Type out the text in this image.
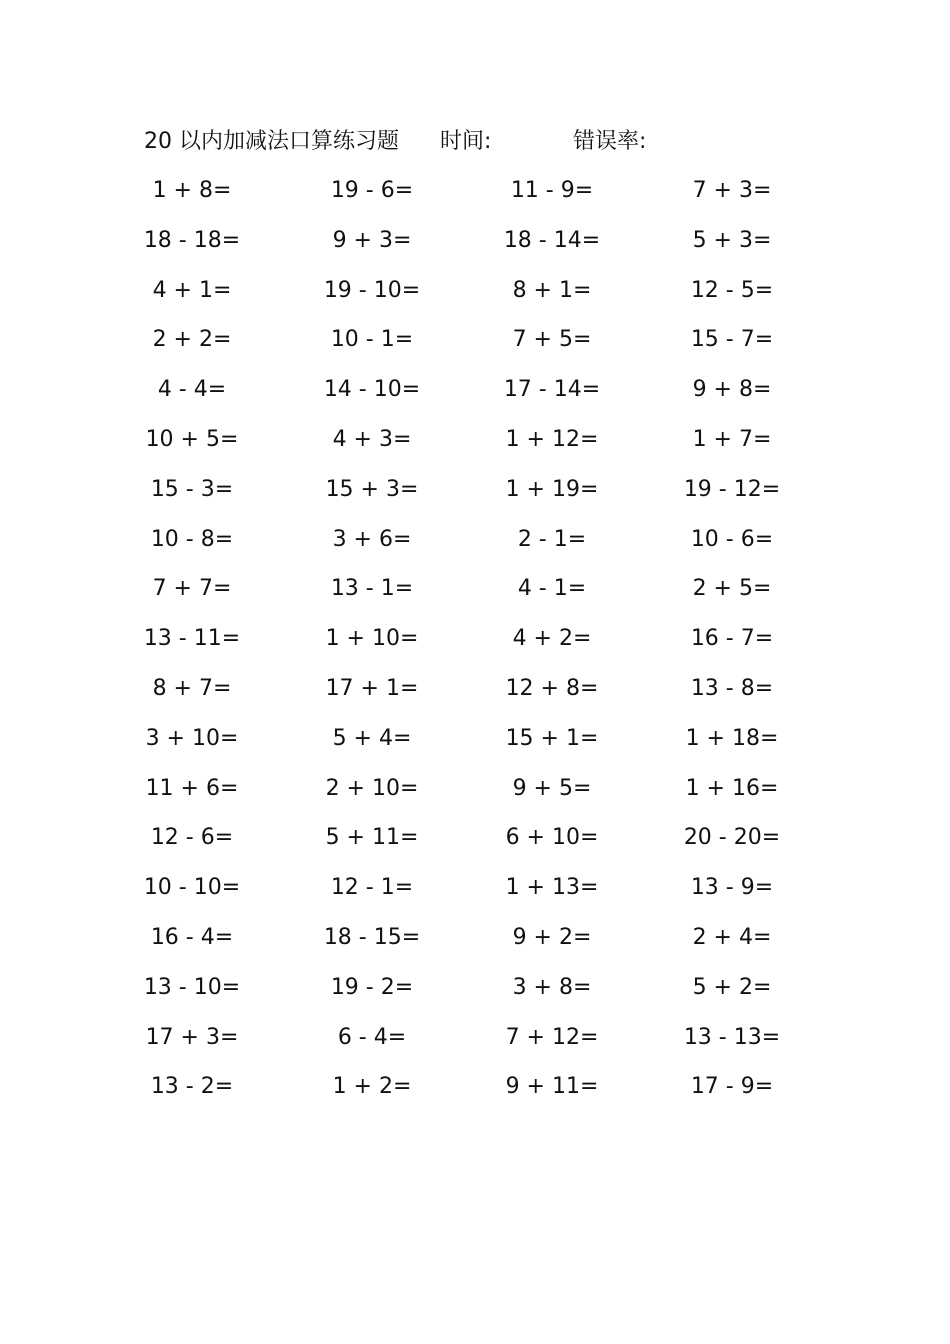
20 以内加减法口算练习题 时间:	错误率:
1 + 8=	19 - 6=	11 - 9=	7 + 3=
18 - 18=	9 + 3=	18 - 14=	5 + 3=
4 + 1=	19 - 10=	8 + 1=	12 - 5=
2 + 2=	10 - 1=	7 + 5=	15 - 7=
4 - 4=	14 - 10=	17 - 14=	9 + 8=
10 + 5=	4 + 3=	1 + 12=	1 + 7=
15 - 3=	15 + 3=	1 + 19=	19 - 12=
10 - 8=	3 + 6=	2 - 1=	10 - 6=
7 + 7=	13 - 1=	4 - 1=	2 + 5=
13 - 11=	1 + 10=	4 + 2=	16 - 7=
8 + 7=	17 + 1=	12 + 8=	13 - 8=
3 + 10=	5 + 4=	15 + 1=	1 + 18=
11 + 6=	2 + 10=	9 + 5=	1 + 16=
12 - 6=	5 + 11=	6 + 10=	20 - 20=
10 - 10=	12 - 1=	1 + 13=	13 - 9=
16 - 4=	18 - 15=	9 + 2=	2 + 4=
13 - 10=	19 - 2=	3 + 8=	5 + 2=
17 + 3=	6 - 4=	7 + 12=	13 - 13=
13 - 2=	1 + 2=	9 + 11=	17 - 9=
